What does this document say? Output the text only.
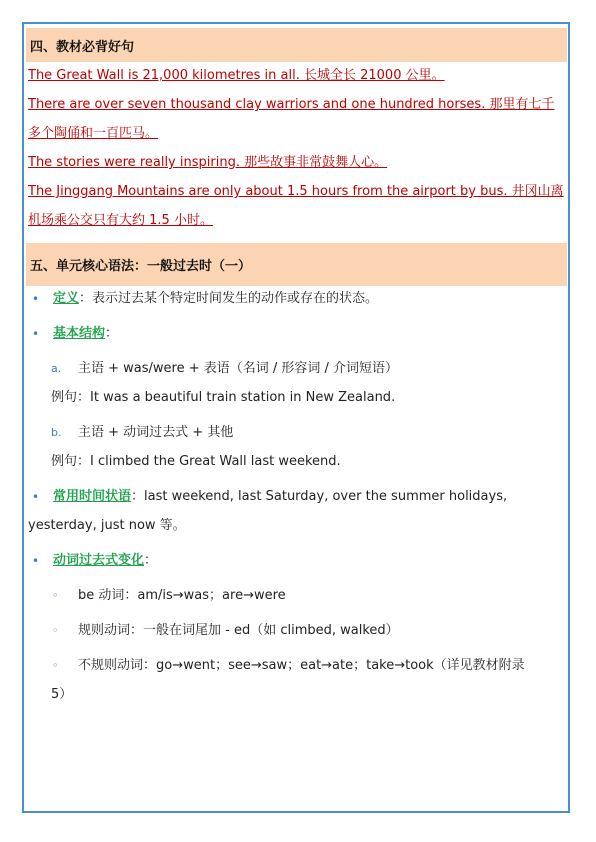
四、教材必背好句
The Great Wall is 21,000 kilometres in all. 长城全长 21000 公里。
There are over seven thousand clay warriors and one hundred horses. 那里有七千
多个陶俑和一百匹马。
The stories were really inspiring. 那些故事非常鼓舞人心。
The Jinggang Mountains are only about 1.5 hours from the airport by bus. 井冈山离
机场乘公交只有大约 1.5 小时。
五、单元核心语法：一般过去时（一）
• 定义：表示过去某个特定时间发生的动作或存在的状态。
• 基本结构：
a. 主语 + was/were + 表语（名词 / 形容词 / 介词短语）
例句：It was a beautiful train station in New Zealand.
b. 主语 + 动词过去式 + 其他
例句：I climbed the Great Wall last weekend.
• 常用时间状语：last weekend, last Saturday, over the summer holidays,
yesterday, just now 等。
• 动词过去式变化：
◦ be 动词：am/is→was；are→were
◦ 规则动词：一般在词尾加 - ed（如 climbed, walked）
◦ 不规则动词：go→went；see→saw；eat→ate；take→took（详见教材附录
5）
